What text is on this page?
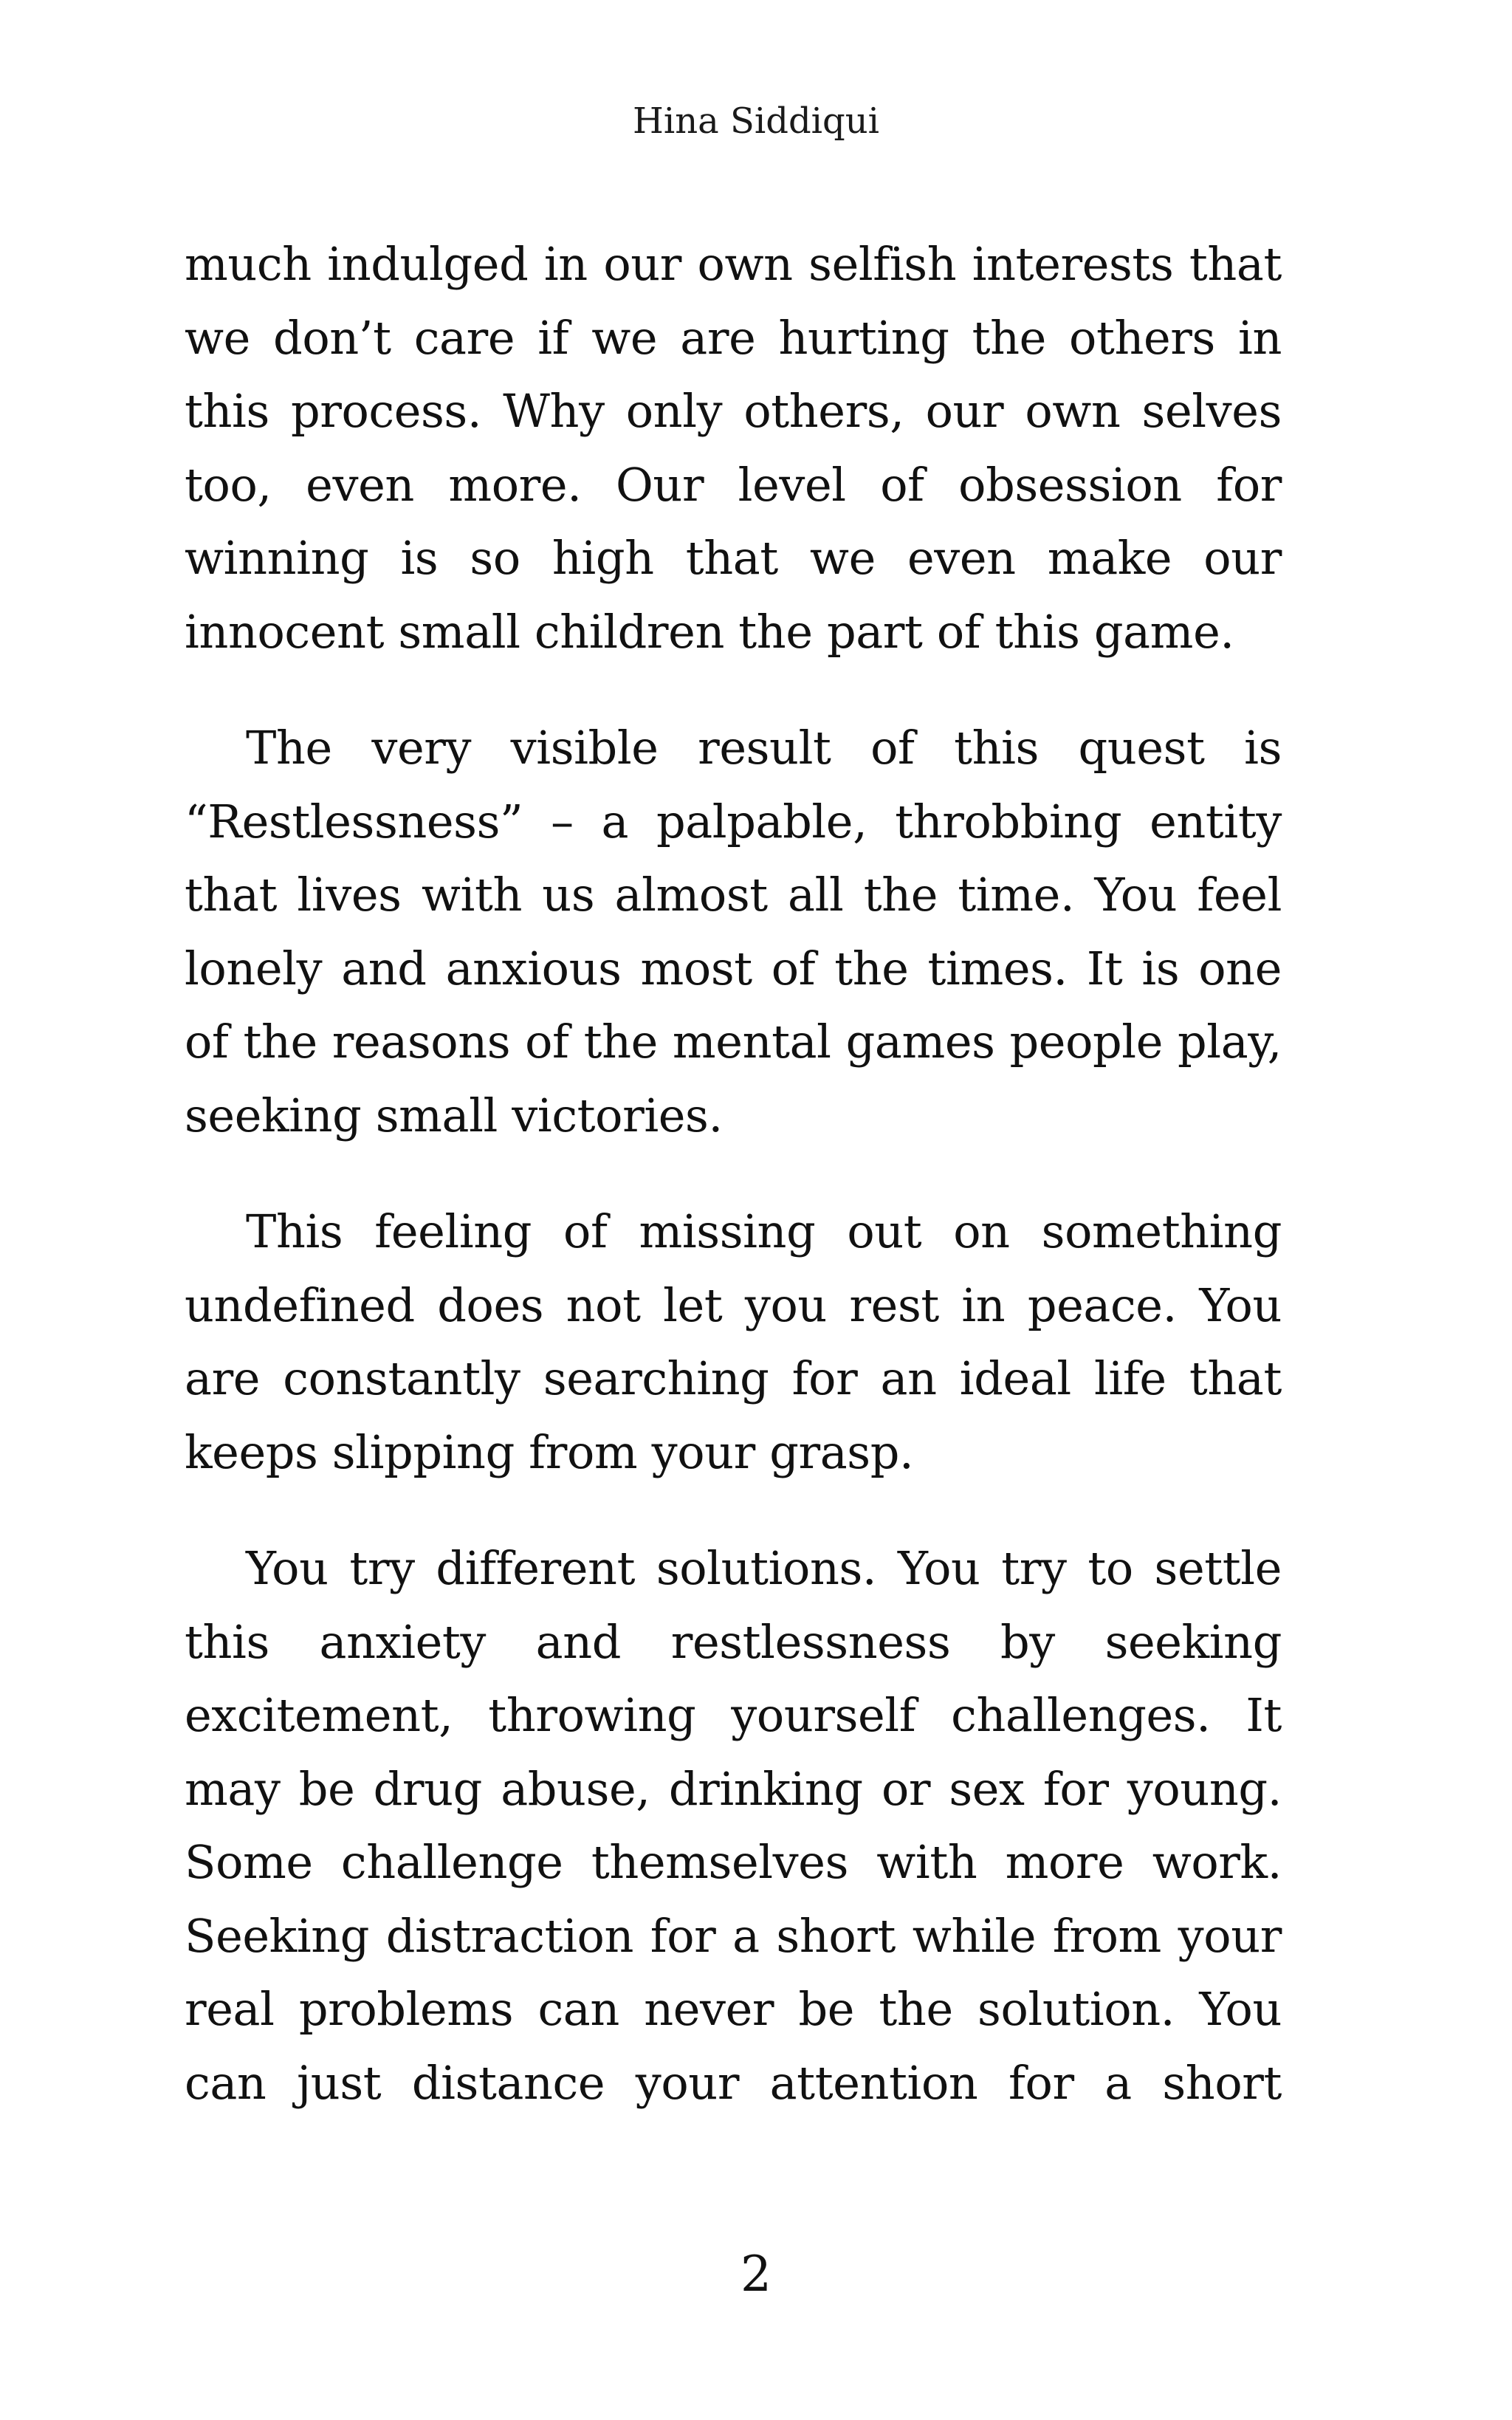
Hina Siddiqui

much indulged in our own selfish interests that we don’t care if we are hurting the others in this process. Why only others, our own selves too, even more. Our level of obsession for winning is so high that we even make our innocent small children the part of this game.

The very visible result of this quest is “Restlessness” – a palpable, throbbing entity that lives with us almost all the time. You feel lonely and anxious most of the times. It is one of the reasons of the mental games people play, seeking small victories.

This feeling of missing out on something undefined does not let you rest in peace. You are constantly searching for an ideal life that keeps slipping from your grasp.

You try different solutions. You try to settle this anxiety and restlessness by seeking excitement, throwing yourself challenges. It may be drug abuse, drinking or sex for young. Some challenge themselves with more work. Seeking distraction for a short while from your real problems can never be the solution. You can just distance your attention for a short

2
